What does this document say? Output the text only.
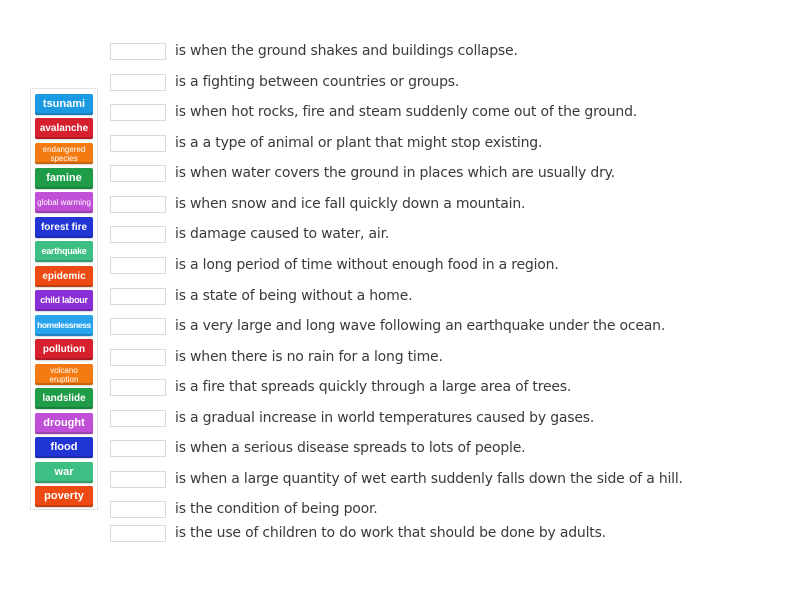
tsunami
avalanche
endangered species
famine
global warming
forest fire
earthquake
epidemic
child labour
homelessness
pollution
volcano eruption
landslide
drought
flood
war
poverty
is when the ground shakes and buildings collapse.
is a fighting between countries or groups.
is when hot rocks, fire and steam suddenly come out of the ground.
is a a type of animal or plant that might stop existing.
is when water covers the ground in places which are usually dry.
is when snow and ice fall quickly down a mountain.
is damage caused to water, air.
is a long period of time without enough food in a region.
is a state of being without a home.
is a very large and long wave following an earthquake under the ocean.
is when there is no rain for a long time.
is a fire that spreads quickly through a large area of trees.
is a gradual increase in world temperatures caused by gases.
is when a serious disease spreads to lots of people.
is when a large quantity of wet earth suddenly falls down the side of a hill.
is the condition of being poor.
is the use of children to do work that should be done by adults.
